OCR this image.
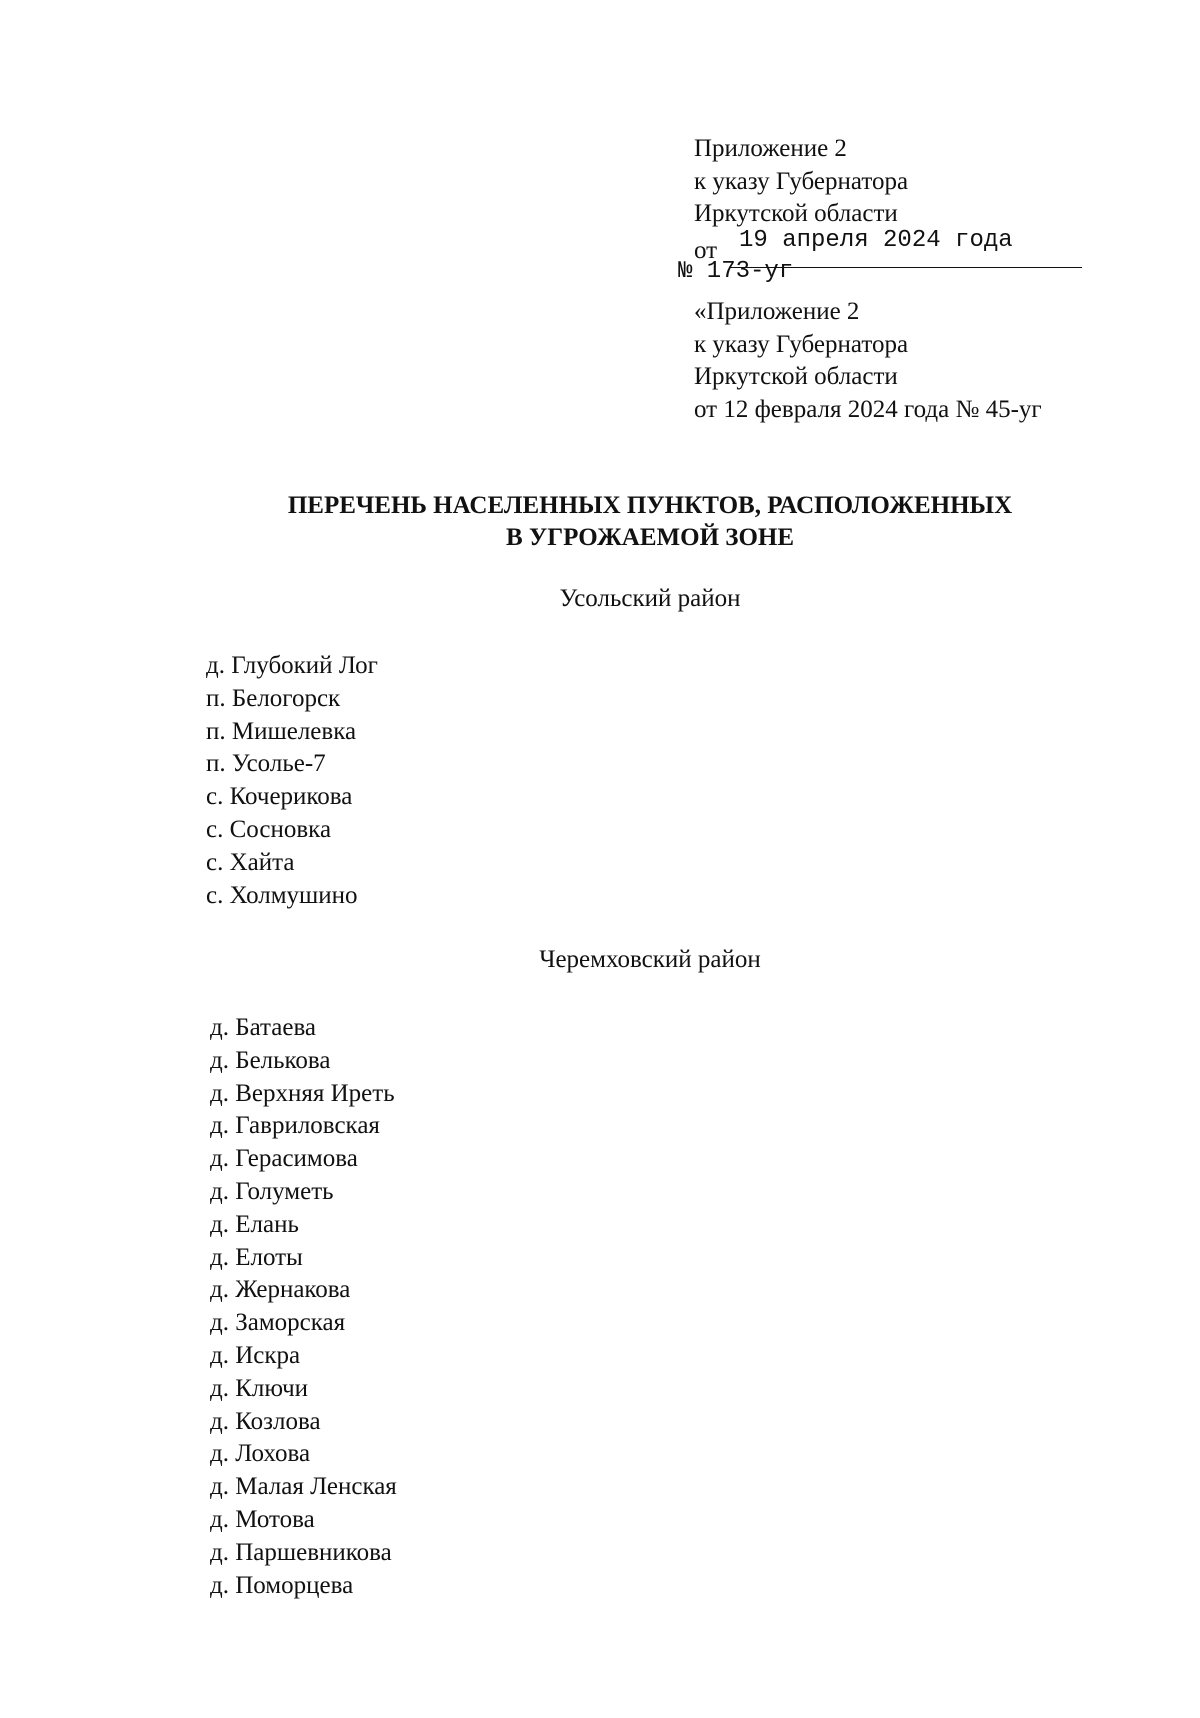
Приложение 2
к указу Губернатора
Иркутской области
от 19 апреля 2024 года
№ 173-уг
«Приложение 2
к указу Губернатора
Иркутской области
от 12 февраля 2024 года № 45-уг
ПЕРЕЧЕНЬ НАСЕЛЕННЫХ ПУНКТОВ, РАСПОЛОЖЕННЫХ
В УГРОЖАЕМОЙ ЗОНЕ
Усольский район
д. Глубокий Лог
п. Белогорск
п. Мишелевка
п. Усолье-7
с. Кочерикова
с. Сосновка
с. Хайта
с. Холмушино
Черемховский район
д. Батаева
д. Белькова
д. Верхняя Иреть
д. Гавриловская
д. Герасимова
д. Голуметь
д. Елань
д. Елоты
д. Жернакова
д. Заморская
д. Искра
д. Ключи
д. Козлова
д. Лохова
д. Малая Ленская
д. Мотова
д. Паршевникова
д. Поморцева
